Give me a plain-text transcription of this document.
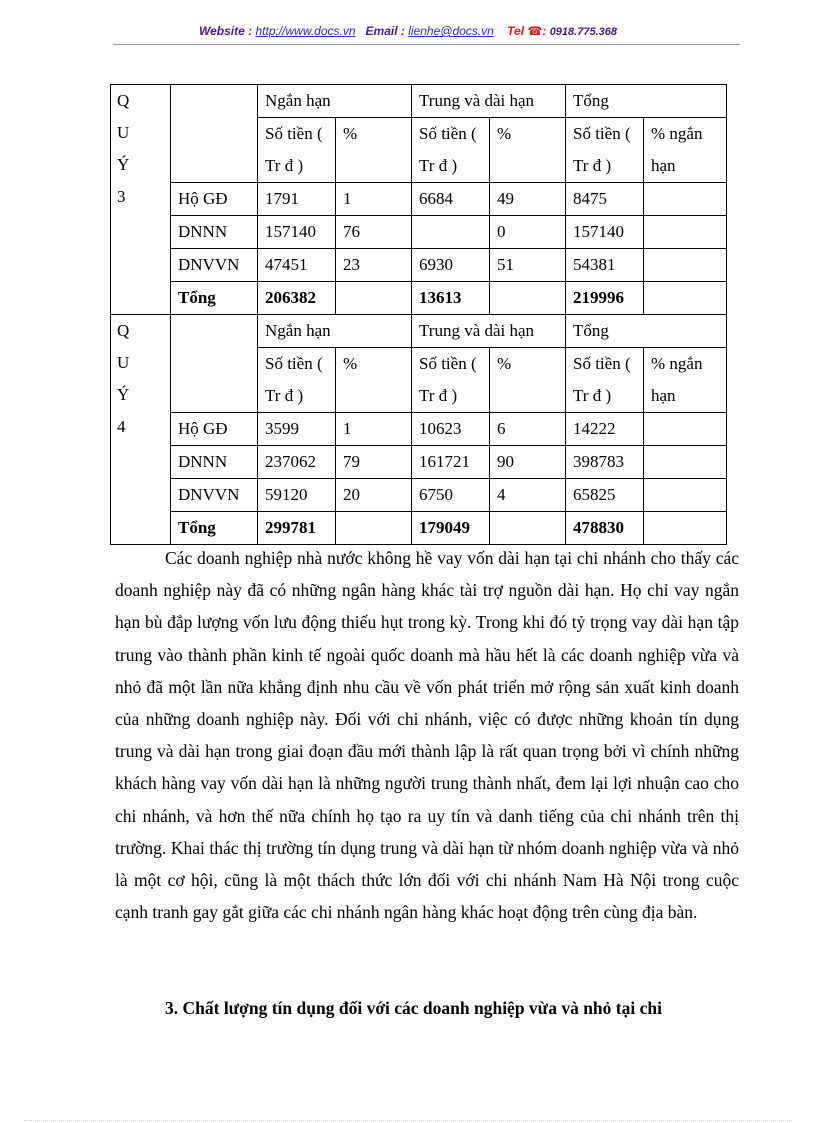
Website : http://www.docs.vn Email : lienhe@docs.vn Tel ☎: 0918.775.368
Q
U
Ý
3		Ngắn hạn		Trung và dài hạn		Tổng	
		Số tiền ( Tr đ )	%	Số tiền ( Tr đ )	%	Số tiền ( Tr đ )	% ngắn hạn
	Hộ GĐ	1791	1	6684	49	8475	
	DNNN	157140	76		0	157140	
	DNVVN	47451	23	6930	51	54381	
	Tổng	206382		13613		219996	

Q
U
Ý
4		Ngắn hạn		Trung và dài hạn		Tổng	
		Số tiền ( Tr đ )	%	Số tiền ( Tr đ )	%	Số tiền ( Tr đ )	% ngắn hạn
	Hộ GĐ	3599	1	10623	6	14222	
	DNNN	237062	79	161721	90	398783	
	DNVVN	59120	20	6750	4	65825	
	Tổng	299781		179049		478830	
Các doanh nghiệp nhà nước không hề vay vốn dài hạn tại chi nhánh cho thấy các doanh nghiệp này đã có những ngân hàng khác tài trợ nguồn dài hạn. Họ chỉ vay ngắn hạn bù đắp lượng vốn lưu động thiếu hụt trong kỳ. Trong khi đó tỷ trọng vay dài hạn tập trung vào thành phần kinh tế ngoài quốc doanh mà hầu hết là các doanh nghiệp vừa và nhỏ đã một lần nữa khẳng định nhu cầu về vốn phát triển mở rộng sản xuất kinh doanh của những doanh nghiệp này. Đối với chi nhánh, việc có được những khoản tín dụng trung và dài hạn trong giai đoạn đầu mới thành lập là rất quan trọng bởi vì chính những khách hàng vay vốn dài hạn là những người trung thành nhất, đem lại lợi nhuận cao cho chi nhánh, và hơn thế nữa chính họ tạo ra uy tín và danh tiếng của chi nhánh trên thị trường. Khai thác thị trường tín dụng trung và dài hạn từ nhóm doanh nghiệp vừa và nhỏ là một cơ hội, cũng là một thách thức lớn đối với chi nhánh Nam Hà Nội trong cuộc cạnh tranh gay gắt giữa các chi nhánh ngân hàng khác hoạt động trên cùng địa bàn.
3. Chất lượng tín dụng đối với các doanh nghiệp vừa và nhỏ tại chi
